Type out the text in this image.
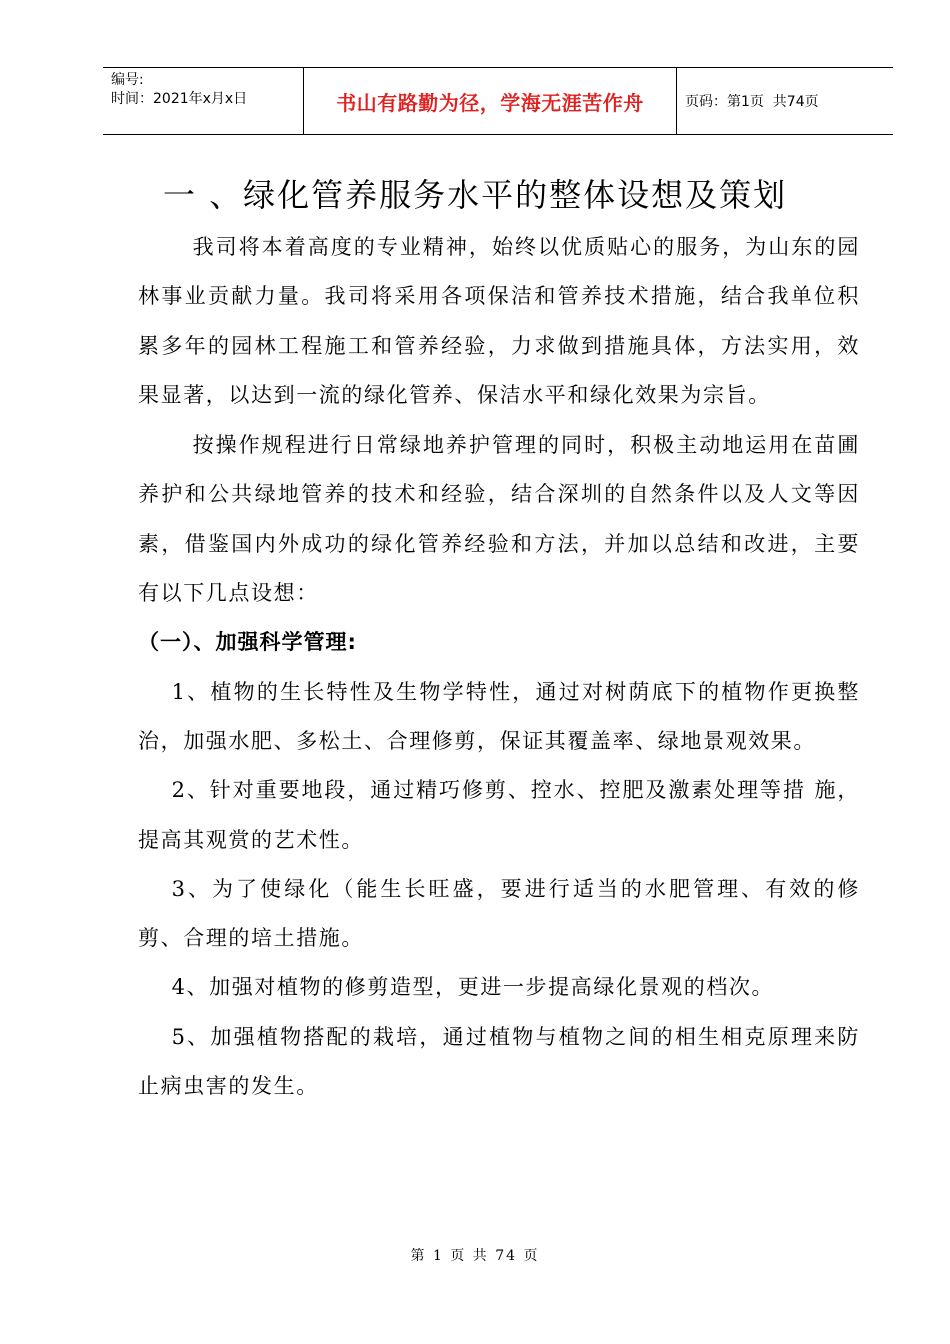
编号:
时间：2021年x月x日	书山有路勤为径，学海无涯苦作舟	页码：第1页  共74页
一 、绿化管养服务水平的整体设想及策划

我司将本着高度的专业精神，始终以优质贴心的服务，为山东的园林事业贡献力量。我司将采用各项保洁和管养技术措施，结合我单位积累多年的园林工程施工和管养经验，力求做到措施具体，方法实用，效果显著，以达到一流的绿化管养、保洁水平和绿化效果为宗旨。

按操作规程进行日常绿地养护管理的同时，积极主动地运用在苗圃养护和公共绿地管养的技术和经验，结合深圳的自然条件以及人文等因素，借鉴国内外成功的绿化管养经验和方法，并加以总结和改进，主要有以下几点设想：

（一）、加强科学管理:

1、植物的生长特性及生物学特性，通过对树荫底下的植物作更换整治，加强水肥、多松土、合理修剪，保证其覆盖率、绿地景观效果。

2、针对重要地段，通过精巧修剪、控水、控肥及激素处理等措 施，提高其观赏的艺术性。

3、为了使绿化（能生长旺盛，要进行适当的水肥管理、有效的修剪、合理的培土措施。

4、加强对植物的修剪造型，更进一步提高绿化景观的档次。

5、加强植物搭配的栽培，通过植物与植物之间的相生相克原理来防止病虫害的发生。

第 1 页 共 74 页
